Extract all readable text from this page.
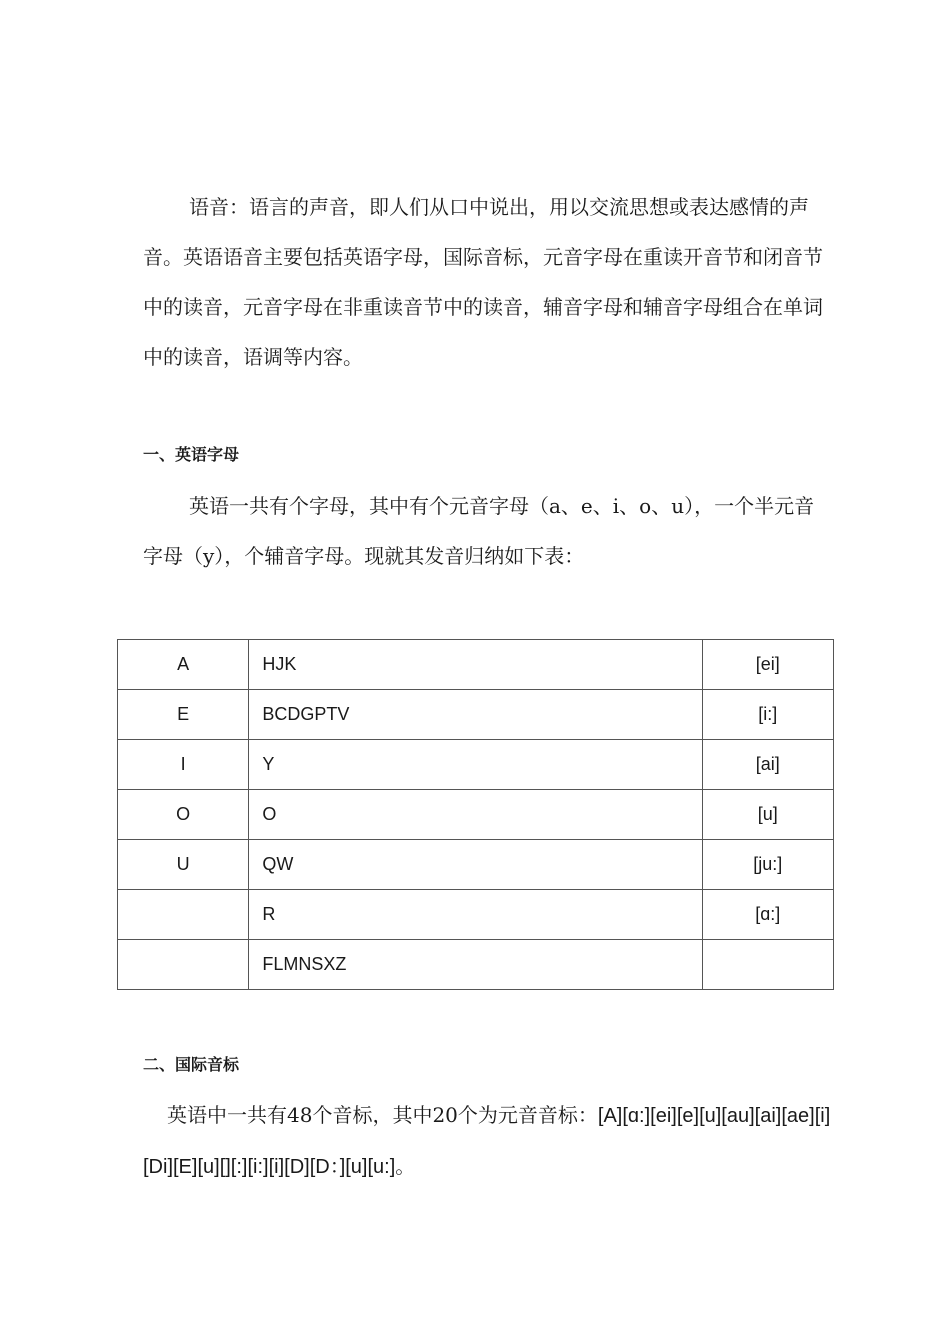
语音：语言的声音，即人们从口中说出，用以交流思想或表达感情的声音。英语语音主要包括英语字母，国际音标，元音字母在重读开音节和闭音节中的读音，元音字母在非重读音节中的读音，辅音字母和辅音字母组合在单词中的读音，语调等内容。

一、英语字母

英语一共有个字母，其中有个元音字母（a、e、i、o、u），一个半元音字母（y），个辅音字母。现就其发音归纳如下表：

A	HJK	[ei]
E	BCDGPTV	[i:]
I	Y	[ai]
O	O	[u]
U	QW	[ju:]
	R	[ɑ:]
	FLMNSXZ	
二、国际音标

英语中一共有48个音标，其中20个为元音音标：[A][ɑ:][ei][e][u][au][ai][ae][i][Di][E][u][][:][i:][i][D][D：][u][u:]。
